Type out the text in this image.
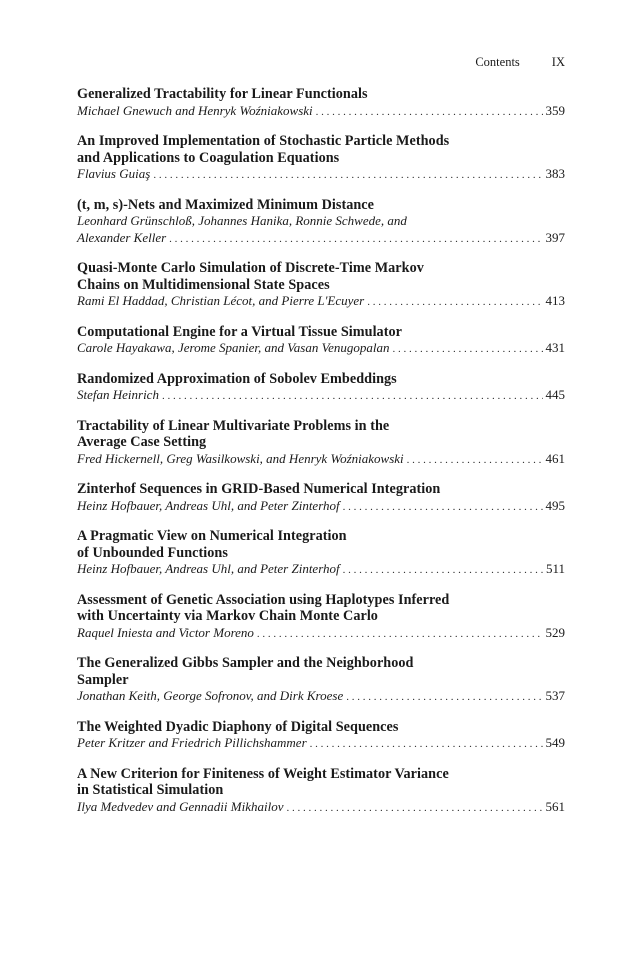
Contents	IX
Generalized Tractability for Linear Functionals
Michael Gnewuch and Henryk Woźniakowski . . .	359
An Improved Implementation of Stochastic Particle Methods
and Applications to Coagulation Equations
Flavius Guiaş . . .	383
(t, m, s)-Nets and Maximized Minimum Distance
Leonhard Grünschloß, Johannes Hanika, Ronnie Schwede, and
Alexander Keller . . .	397
Quasi-Monte Carlo Simulation of Discrete-Time Markov
Chains on Multidimensional State Spaces
Rami El Haddad, Christian Lécot, and Pierre L'Ecuyer . . .	413
Computational Engine for a Virtual Tissue Simulator
Carole Hayakawa, Jerome Spanier, and Vasan Venugopalan . . .	431
Randomized Approximation of Sobolev Embeddings
Stefan Heinrich . . .	445
Tractability of Linear Multivariate Problems in the
Average Case Setting
Fred Hickernell, Greg Wasilkowski, and Henryk Woźniakowski . . .	461
Zinterhof Sequences in GRID-Based Numerical Integration
Heinz Hofbauer, Andreas Uhl, and Peter Zinterhof . . .	495
A Pragmatic View on Numerical Integration
of Unbounded Functions
Heinz Hofbauer, Andreas Uhl, and Peter Zinterhof . . .	511
Assessment of Genetic Association using Haplotypes Inferred
with Uncertainty via Markov Chain Monte Carlo
Raquel Iniesta and Victor Moreno . . .	529
The Generalized Gibbs Sampler and the Neighborhood
Sampler
Jonathan Keith, George Sofronov, and Dirk Kroese . . .	537
The Weighted Dyadic Diaphony of Digital Sequences
Peter Kritzer and Friedrich Pillichshammer . . .	549
A New Criterion for Finiteness of Weight Estimator Variance
in Statistical Simulation
Ilya Medvedev and Gennadii Mikhailov . . .	561
